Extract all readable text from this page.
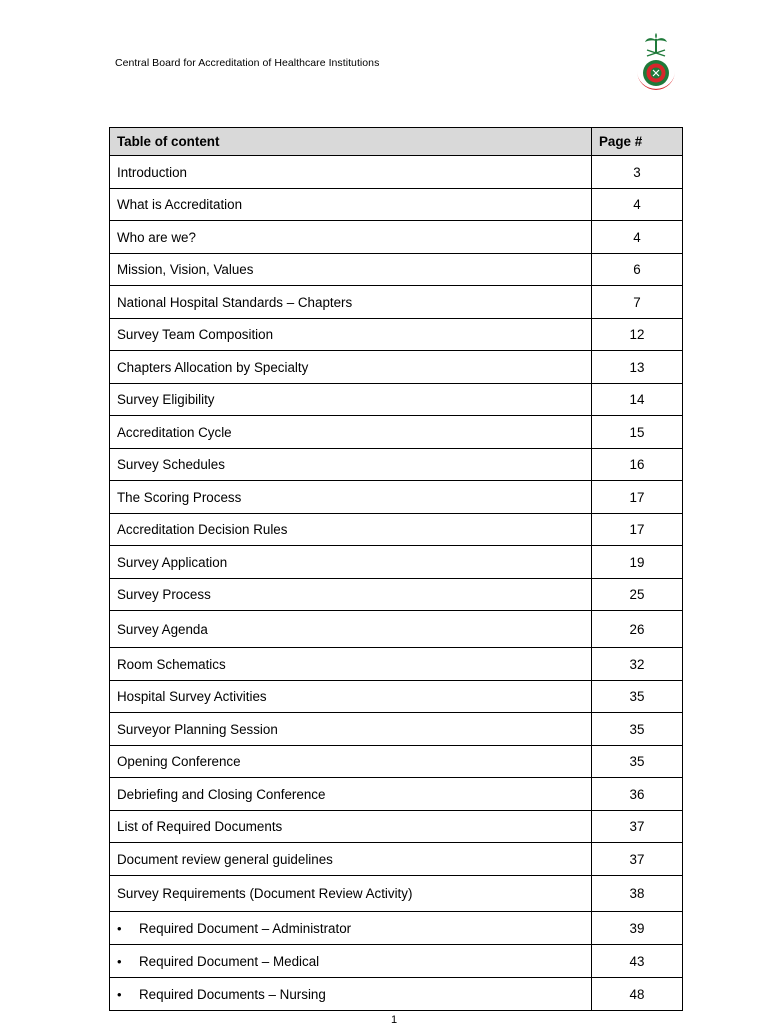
Central Board for Accreditation of Healthcare Institutions
Table of content	Page #
Introduction	3
What is Accreditation	4
Who are we?	4
Mission, Vision, Values	6
National Hospital Standards – Chapters	7
Survey Team Composition	12
Chapters Allocation by Specialty	13
Survey Eligibility	14
Accreditation Cycle	15
Survey Schedules	16
The Scoring Process	17
Accreditation Decision Rules	17
Survey Application	19
Survey Process	25
Survey Agenda	26
Room Schematics	32
Hospital Survey Activities	35
Surveyor Planning Session	35
Opening Conference	35
Debriefing and Closing Conference	36
List of Required Documents	37
Document review general guidelines	37
Survey Requirements (Document Review Activity)	38
• Required Document – Administrator	39
• Required Document – Medical	43
• Required Documents – Nursing	48
1
